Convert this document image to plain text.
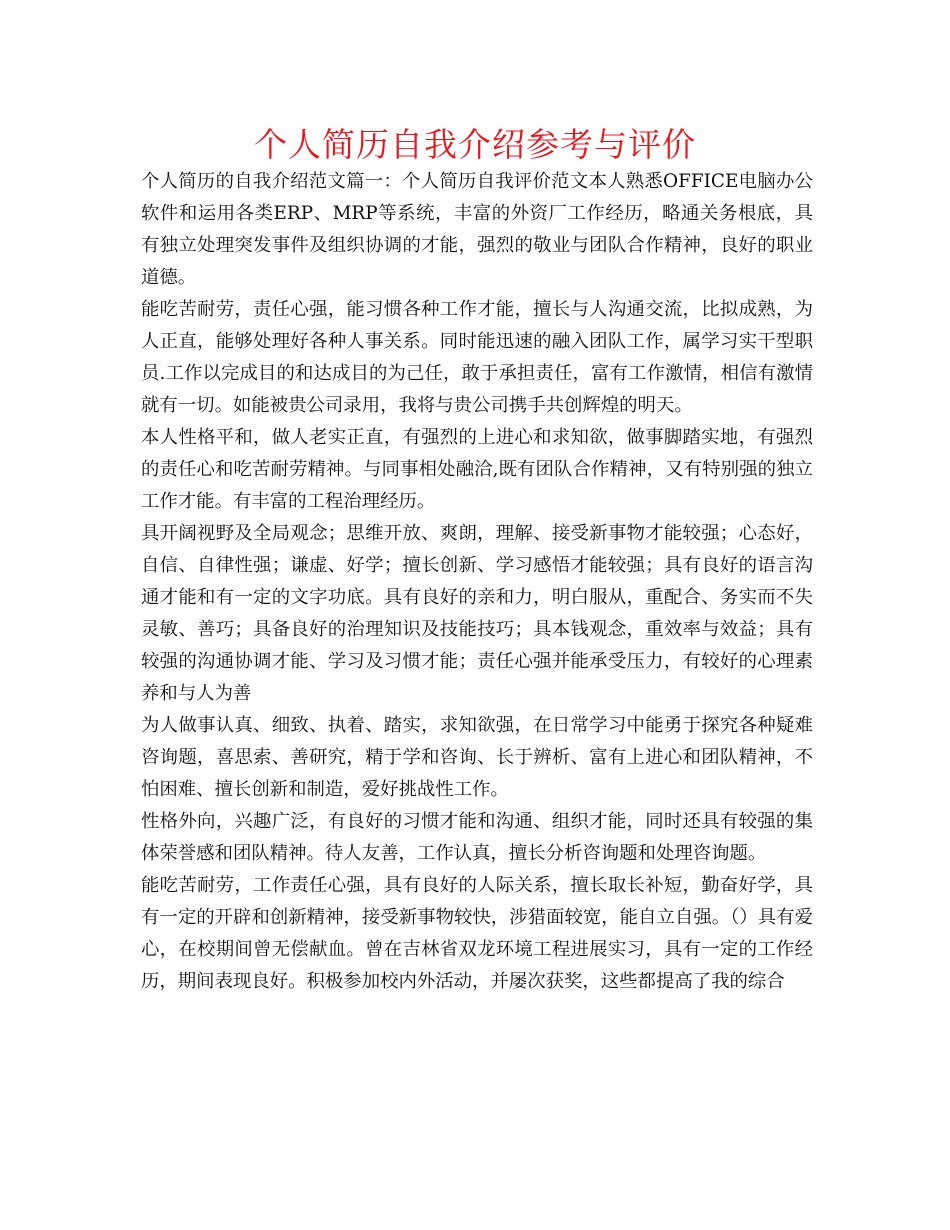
个人简历自我介绍参考与评价

个人简历的自我介绍范文篇一：个人简历自我评价范文本人熟悉OFFICE电脑办公软件和运用各类ERP、MRP等系统，丰富的外资厂工作经历，略通关务根底，具有独立处理突发事件及组织协调的才能，强烈的敬业与团队合作精神，良好的职业道德。

能吃苦耐劳，责任心强，能习惯各种工作才能，擅长与人沟通交流，比拟成熟，为人正直，能够处理好各种人事关系。同时能迅速的融入团队工作，属学习实干型职员.工作以完成目的和达成目的为己任，敢于承担责任，富有工作激情，相信有激情就有一切。如能被贵公司录用，我将与贵公司携手共创辉煌的明天。

本人性格平和，做人老实正直，有强烈的上进心和求知欲，做事脚踏实地，有强烈的责任心和吃苦耐劳精神。与同事相处融洽,既有团队合作精神，又有特别强的独立工作才能。有丰富的工程治理经历。

具开阔视野及全局观念；思维开放、爽朗，理解、接受新事物才能较强；心态好，自信、自律性强；谦虚、好学；擅长创新、学习感悟才能较强；具有良好的语言沟通才能和有一定的文字功底。具有良好的亲和力，明白服从，重配合、务实而不失灵敏、善巧；具备良好的治理知识及技能技巧；具本钱观念，重效率与效益；具有较强的沟通协调才能、学习及习惯才能；责任心强并能承受压力，有较好的心理素养和与人为善

为人做事认真、细致、执着、踏实，求知欲强，在日常学习中能勇于探究各种疑难咨询题，喜思索、善研究，精于学和咨询、长于辨析、富有上进心和团队精神，不怕困难、擅长创新和制造，爱好挑战性工作。

性格外向，兴趣广泛，有良好的习惯才能和沟通、组织才能，同时还具有较强的集体荣誉感和团队精神。待人友善，工作认真，擅长分析咨询题和处理咨询题。

能吃苦耐劳，工作责任心强，具有良好的人际关系，擅长取长补短，勤奋好学，具有一定的开辟和创新精神，接受新事物较快，涉猎面较宽，能自立自强。（）具有爱心，在校期间曾无偿献血。曾在吉林省双龙环境工程进展实习，具有一定的工作经历，期间表现良好。积极参加校内外活动，并屡次获奖，这些都提高了我的综合
